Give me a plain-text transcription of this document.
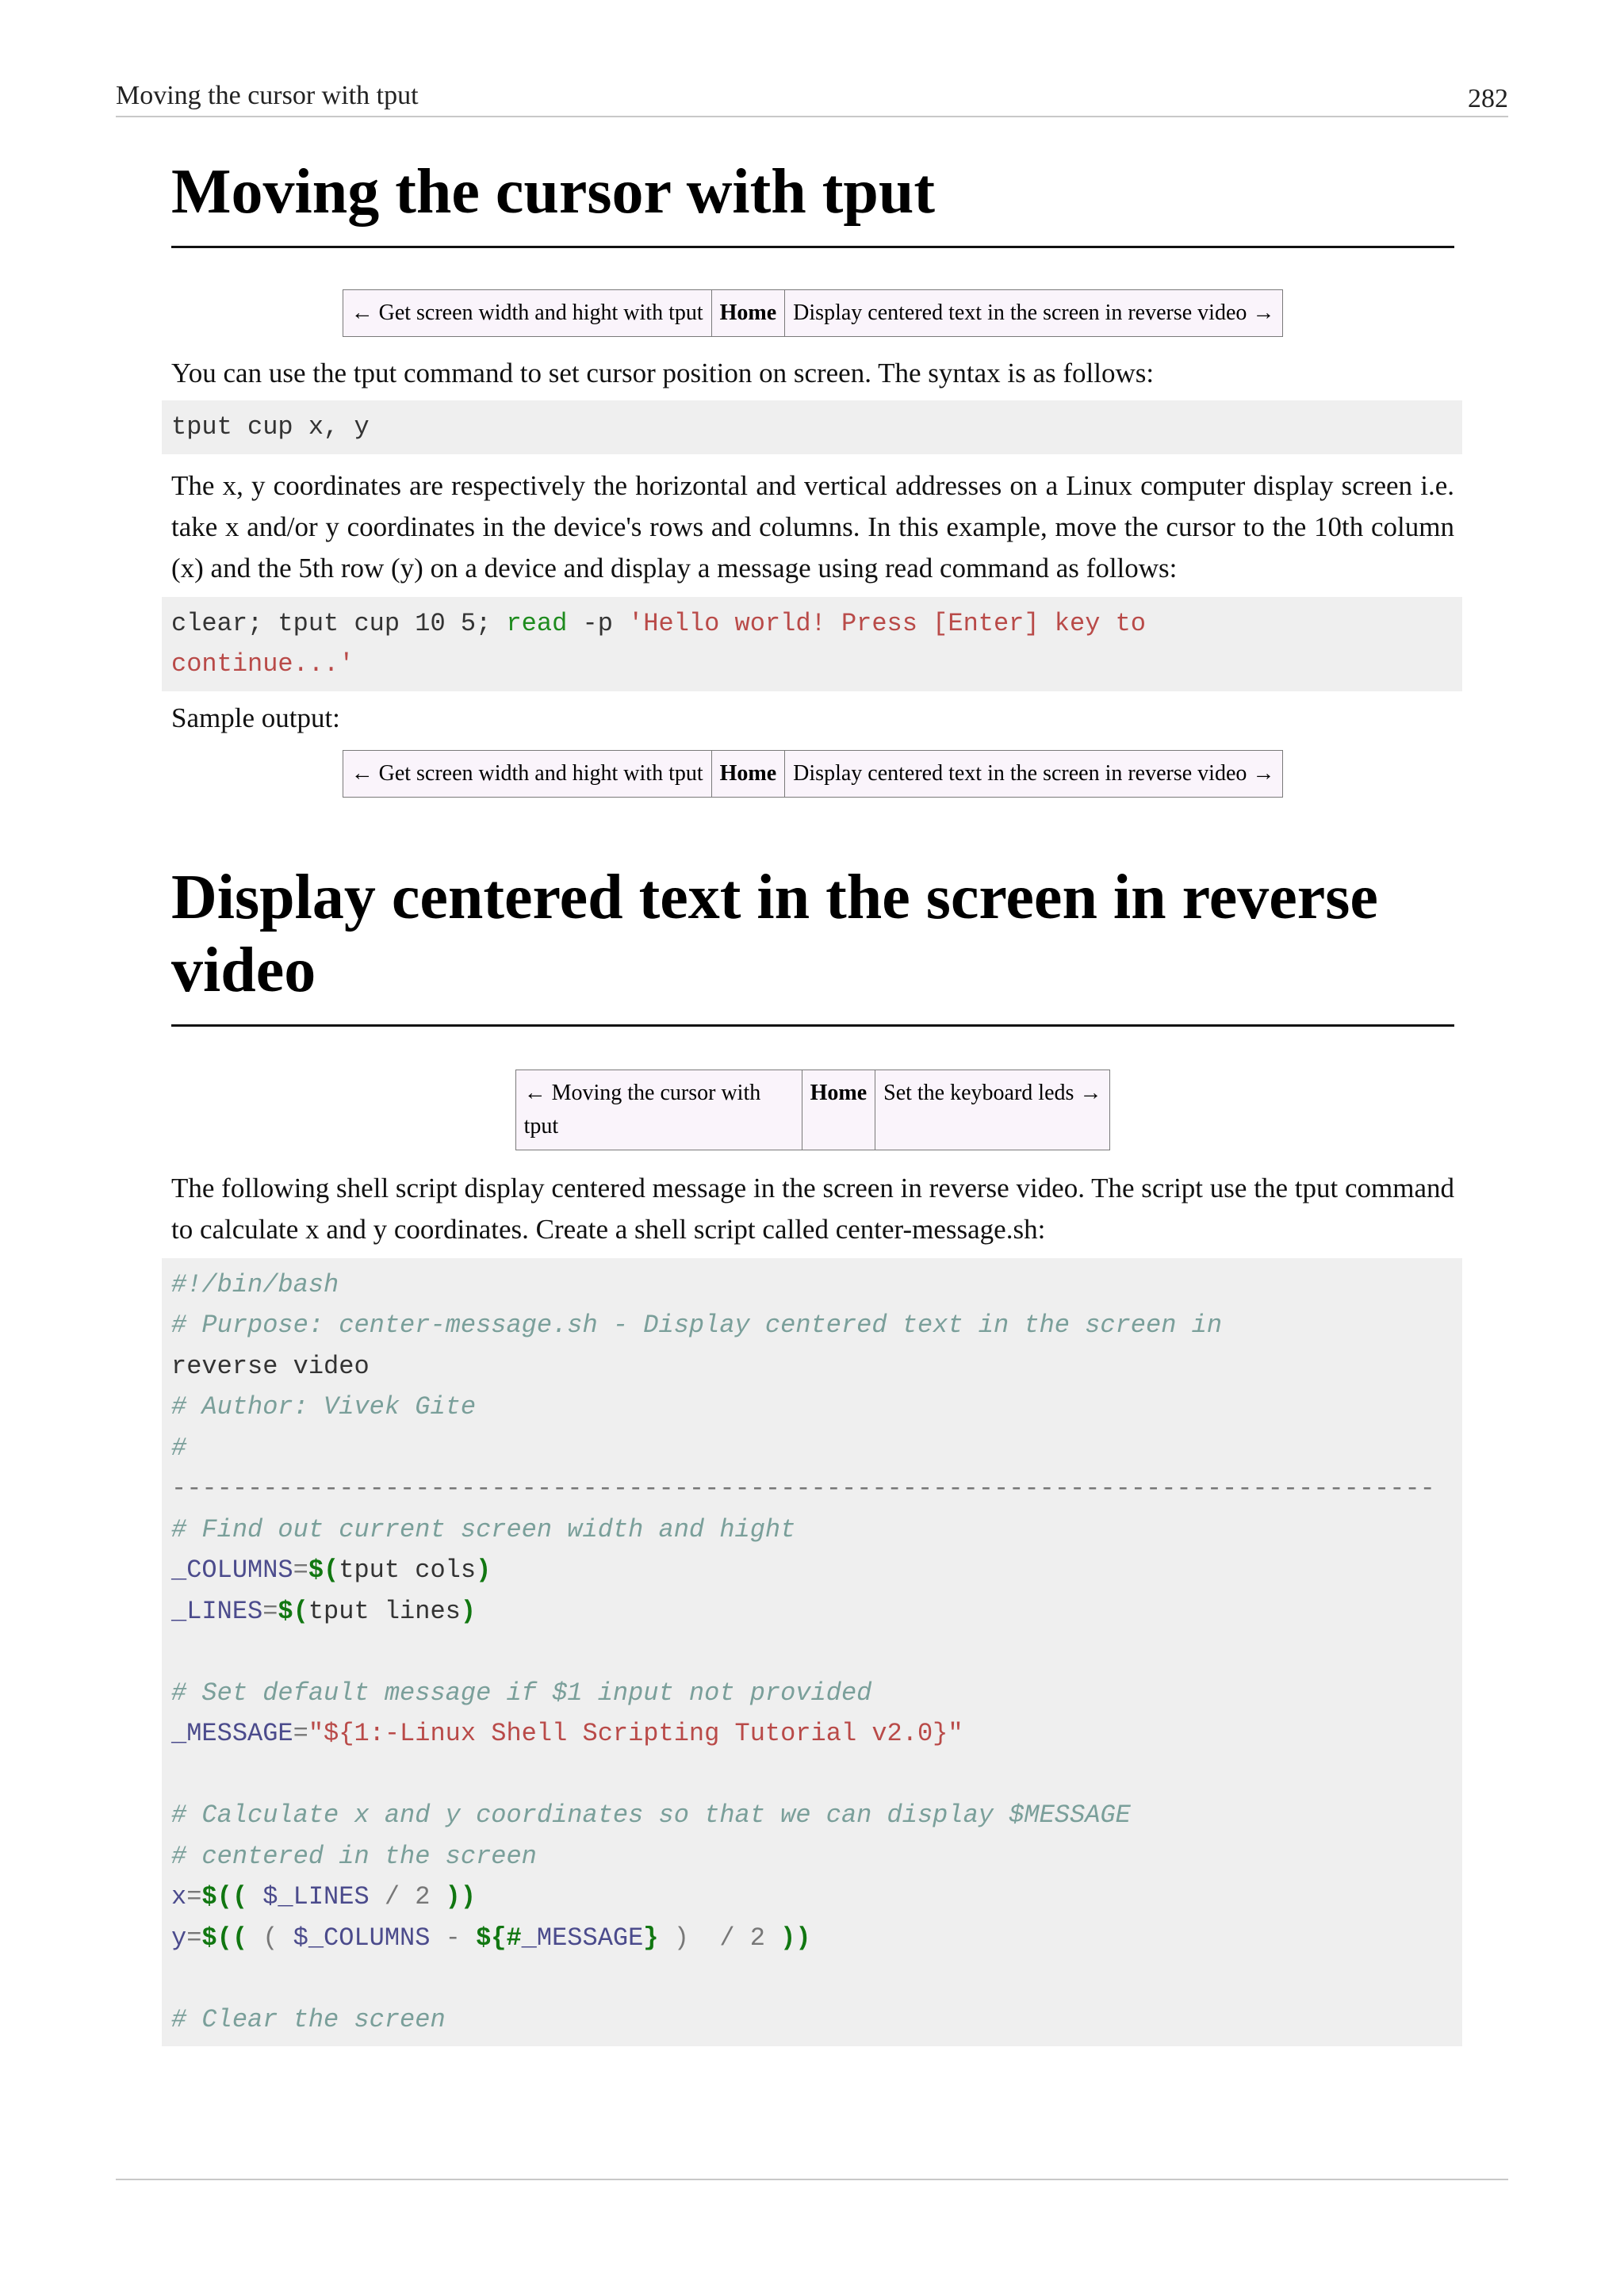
Moving the cursor with tput	282
Moving the cursor with tput
← Get screen width and hight with tput	Home	Display centered text in the screen in reverse video →

You can use the tput command to set cursor position on screen. The syntax is as follows:

tput cup x, y

The x, y coordinates are respectively the horizontal and vertical addresses on a Linux computer display screen i.e. take x and/or y coordinates in the device's rows and columns. In this example, move the cursor to the 10th column (x) and the 5th row (y) on a device and display a message using read command as follows:

clear; tput cup 10 5; read -p 'Hello world! Press [Enter] key to
continue...'

Sample output:

← Get screen width and hight with tput	Home	Display centered text in the screen in reverse video →
Display centered text in the screen in reverse video
← Moving the cursor with tput	Home	Set the keyboard leds →

The following shell script display centered message in the screen in reverse video. The script use the tput command to calculate x and y coordinates. Create a shell script called center-message.sh:

#!/bin/bash
# Purpose: center-message.sh - Display centered text in the screen in
reverse video
# Author: Vivek Gite
#
-----------------------------------------------------------------------------------
# Find out current screen width and hight
_COLUMNS=$(tput cols)
_LINES=$(tput lines)

# Set default message if $1 input not provided
_MESSAGE="${1:-Linux Shell Scripting Tutorial v2.0}"

# Calculate x and y coordinates so that we can display $MESSAGE
# centered in the screen
x=$(( $_LINES / 2 ))
y=$(( ( $_COLUMNS - ${#_MESSAGE} )  / 2 ))

# Clear the screen
